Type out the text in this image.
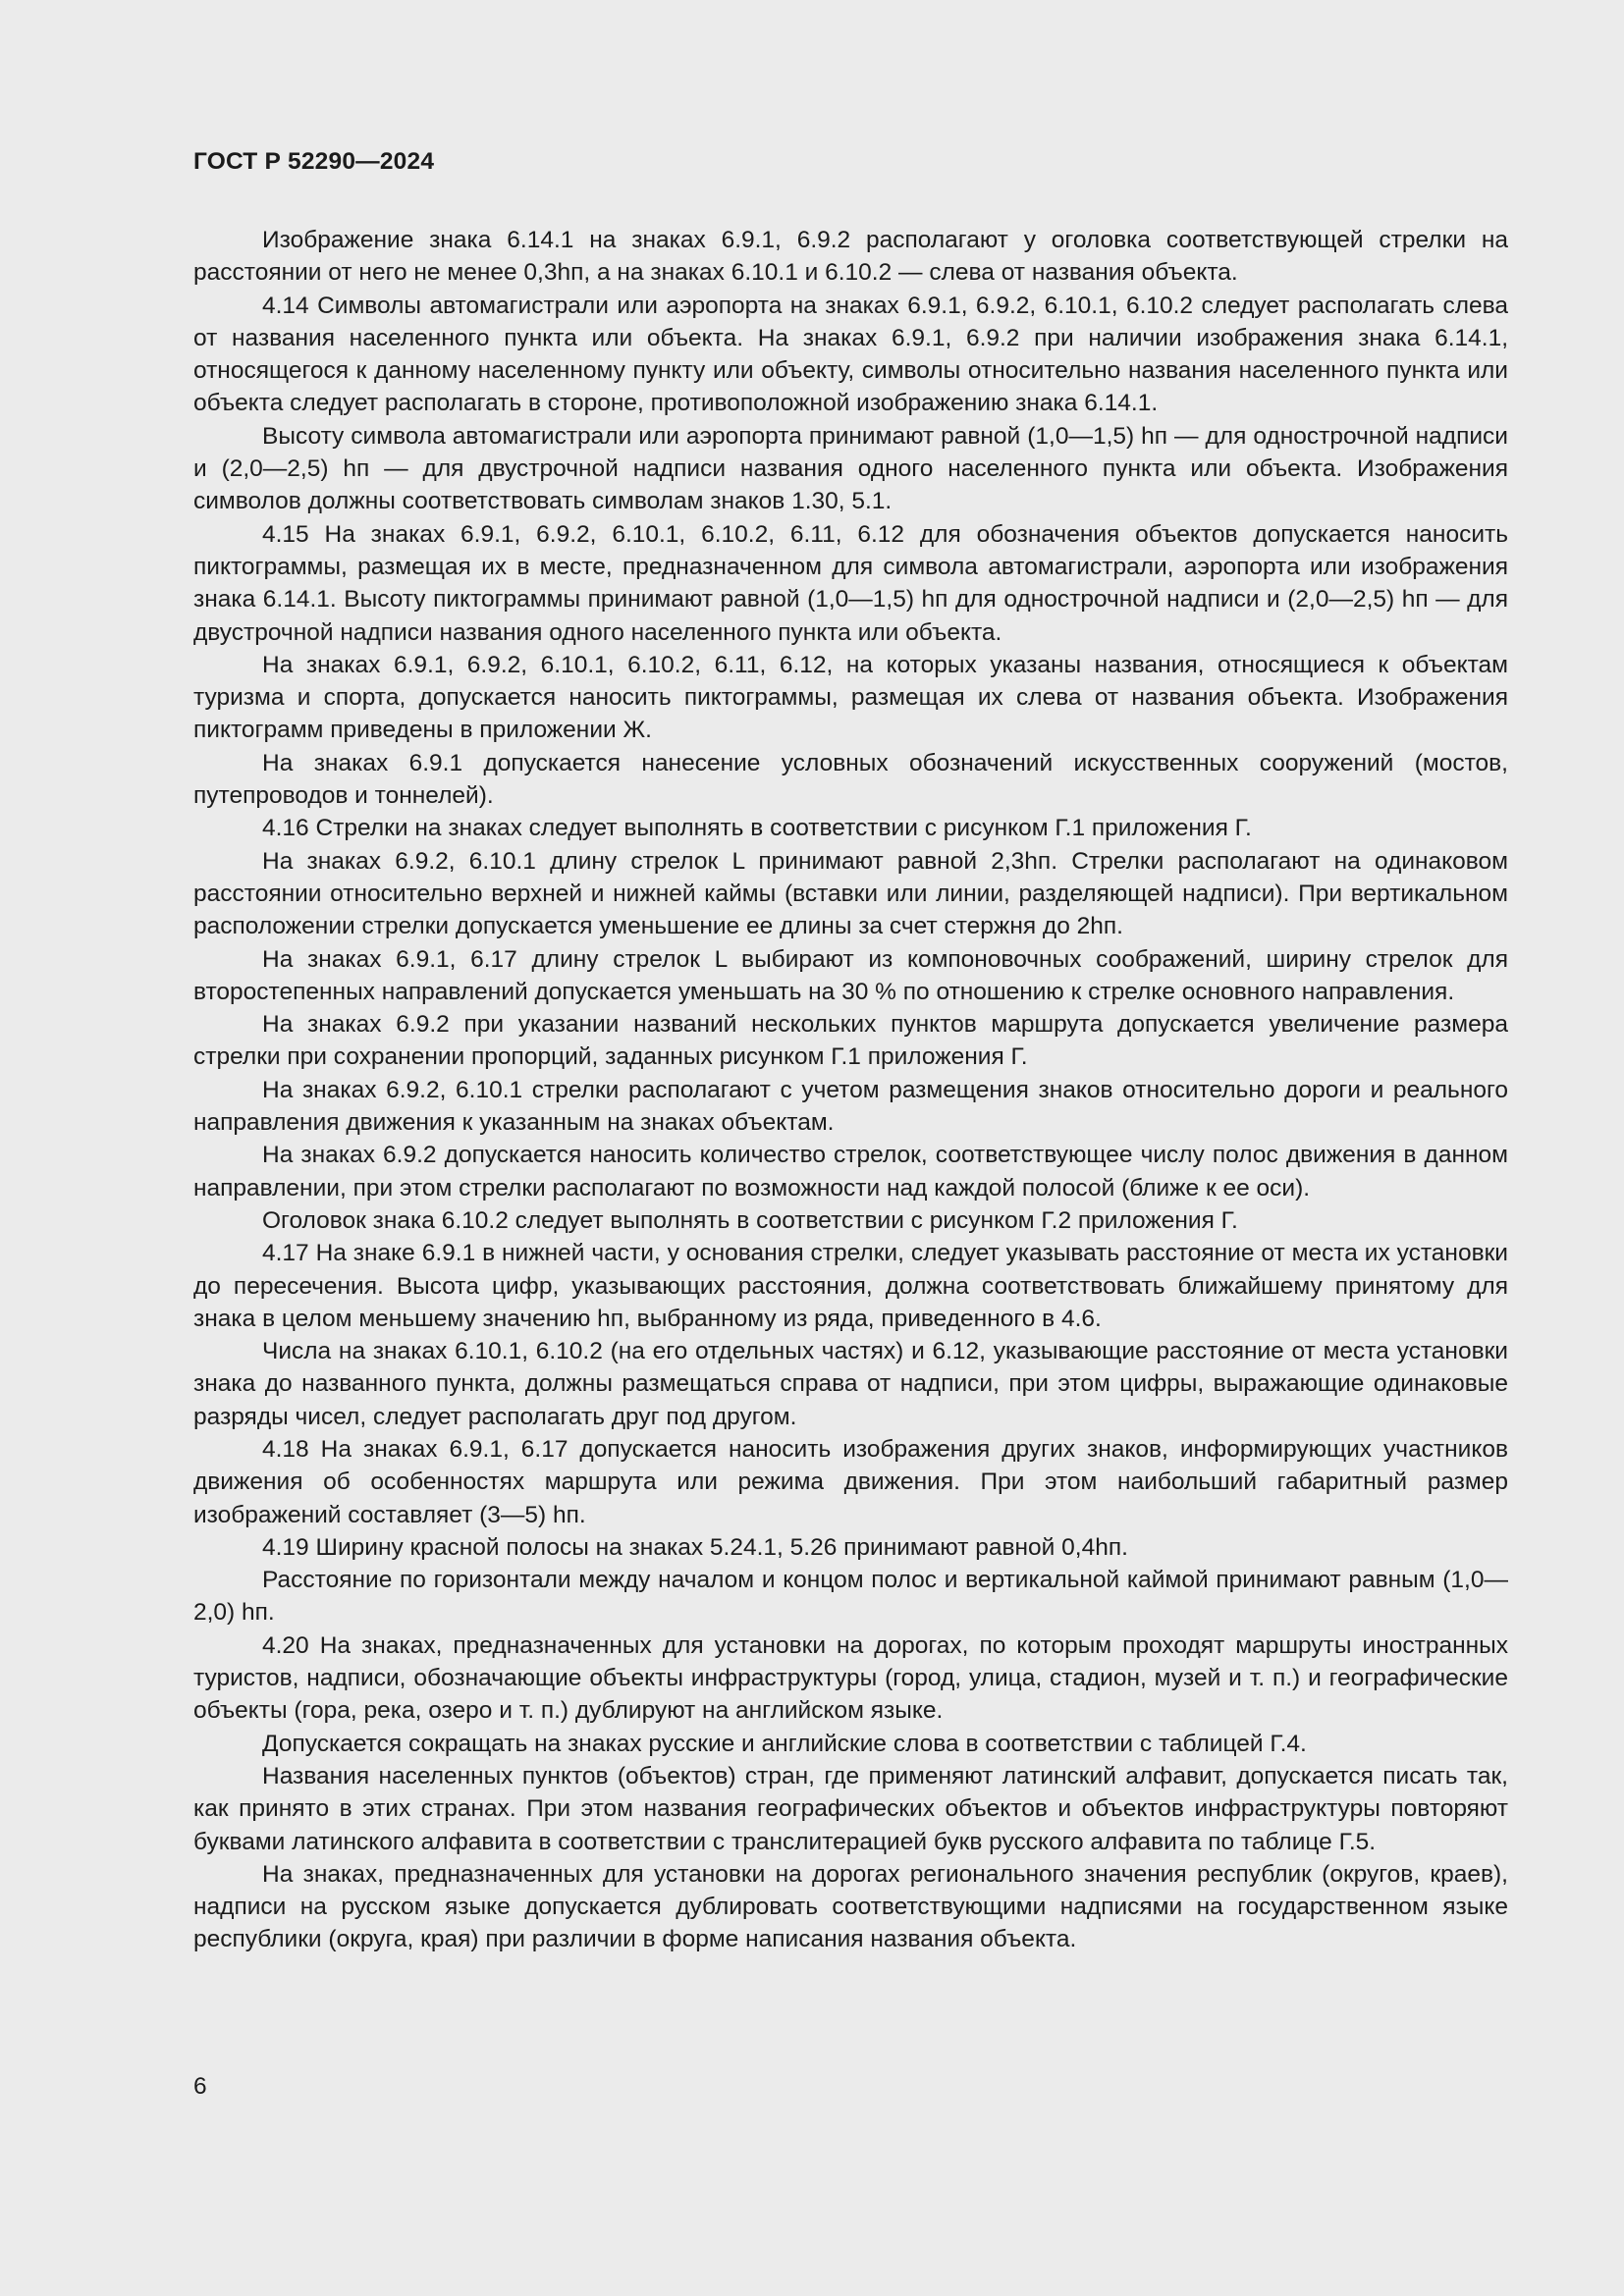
ГОСТ Р 52290—2024

Изображение знака 6.14.1 на знаках 6.9.1, 6.9.2 располагают у оголовка соответствующей стрелки на расстоянии от него не менее 0,3hп, а на знаках 6.10.1 и 6.10.2 — слева от названия объекта.

4.14 Символы автомагистрали или аэропорта на знаках 6.9.1, 6.9.2, 6.10.1, 6.10.2 следует располагать слева от названия населенного пункта или объекта. На знаках 6.9.1, 6.9.2 при наличии изображения знака 6.14.1, относящегося к данному населенному пункту или объекту, символы относительно названия населенного пункта или объекта следует располагать в стороне, противоположной изображению знака 6.14.1.

Высоту символа автомагистрали или аэропорта принимают равной (1,0—1,5) hп — для однострочной надписи и (2,0—2,5) hп — для двустрочной надписи названия одного населенного пункта или объекта. Изображения символов должны соответствовать символам знаков 1.30, 5.1.

4.15 На знаках 6.9.1, 6.9.2, 6.10.1, 6.10.2, 6.11, 6.12 для обозначения объектов допускается наносить пиктограммы, размещая их в месте, предназначенном для символа автомагистрали, аэропорта или изображения знака 6.14.1. Высоту пиктограммы принимают равной (1,0—1,5) hп для однострочной надписи и (2,0—2,5) hп — для двустрочной надписи названия одного населенного пункта или объекта.

На знаках 6.9.1, 6.9.2, 6.10.1, 6.10.2, 6.11, 6.12, на которых указаны названия, относящиеся к объектам туризма и спорта, допускается наносить пиктограммы, размещая их слева от названия объекта. Изображения пиктограмм приведены в приложении Ж.

На знаках 6.9.1 допускается нанесение условных обозначений искусственных сооружений (мостов, путепроводов и тоннелей).

4.16 Стрелки на знаках следует выполнять в соответствии с рисунком Г.1 приложения Г.

На знаках 6.9.2, 6.10.1 длину стрелок L принимают равной 2,3hп. Стрелки располагают на одинаковом расстоянии относительно верхней и нижней каймы (вставки или линии, разделяющей надписи). При вертикальном расположении стрелки допускается уменьшение ее длины за счет стержня до 2hп.

На знаках 6.9.1, 6.17 длину стрелок L выбирают из компоновочных соображений, ширину стрелок для второстепенных направлений допускается уменьшать на 30 % по отношению к стрелке основного направления.

На знаках 6.9.2 при указании названий нескольких пунктов маршрута допускается увеличение размера стрелки при сохранении пропорций, заданных рисунком Г.1 приложения Г.

На знаках 6.9.2, 6.10.1 стрелки располагают с учетом размещения знаков относительно дороги и реального направления движения к указанным на знаках объектам.

На знаках 6.9.2 допускается наносить количество стрелок, соответствующее числу полос движения в данном направлении, при этом стрелки располагают по возможности над каждой полосой (ближе к ее оси).

Оголовок знака 6.10.2 следует выполнять в соответствии с рисунком Г.2 приложения Г.

4.17 На знаке 6.9.1 в нижней части, у основания стрелки, следует указывать расстояние от места их установки до пересечения. Высота цифр, указывающих расстояния, должна соответствовать ближайшему принятому для знака в целом меньшему значению hп, выбранному из ряда, приведенного в 4.6.

Числа на знаках 6.10.1, 6.10.2 (на его отдельных частях) и 6.12, указывающие расстояние от места установки знака до названного пункта, должны размещаться справа от надписи, при этом цифры, выражающие одинаковые разряды чисел, следует располагать друг под другом.

4.18 На знаках 6.9.1, 6.17 допускается наносить изображения других знаков, информирующих участников движения об особенностях маршрута или режима движения. При этом наибольший габаритный размер изображений составляет (3—5) hп.

4.19 Ширину красной полосы на знаках 5.24.1, 5.26 принимают равной 0,4hп.

Расстояние по горизонтали между началом и концом полос и вертикальной каймой принимают равным (1,0—2,0) hп.

4.20 На знаках, предназначенных для установки на дорогах, по которым проходят маршруты иностранных туристов, надписи, обозначающие объекты инфраструктуры (город, улица, стадион, музей и т. п.) и географические объекты (гора, река, озеро и т. п.) дублируют на английском языке.

Допускается сокращать на знаках русские и английские слова в соответствии с таблицей Г.4.

Названия населенных пунктов (объектов) стран, где применяют латинский алфавит, допускается писать так, как принято в этих странах. При этом названия географических объектов и объектов инфраструктуры повторяют буквами латинского алфавита в соответствии с транслитерацией букв русского алфавита по таблице Г.5.

На знаках, предназначенных для установки на дорогах регионального значения республик (округов, краев), надписи на русском языке допускается дублировать соответствующими надписями на государственном языке республики (округа, края) при различии в форме написания названия объекта.

6
